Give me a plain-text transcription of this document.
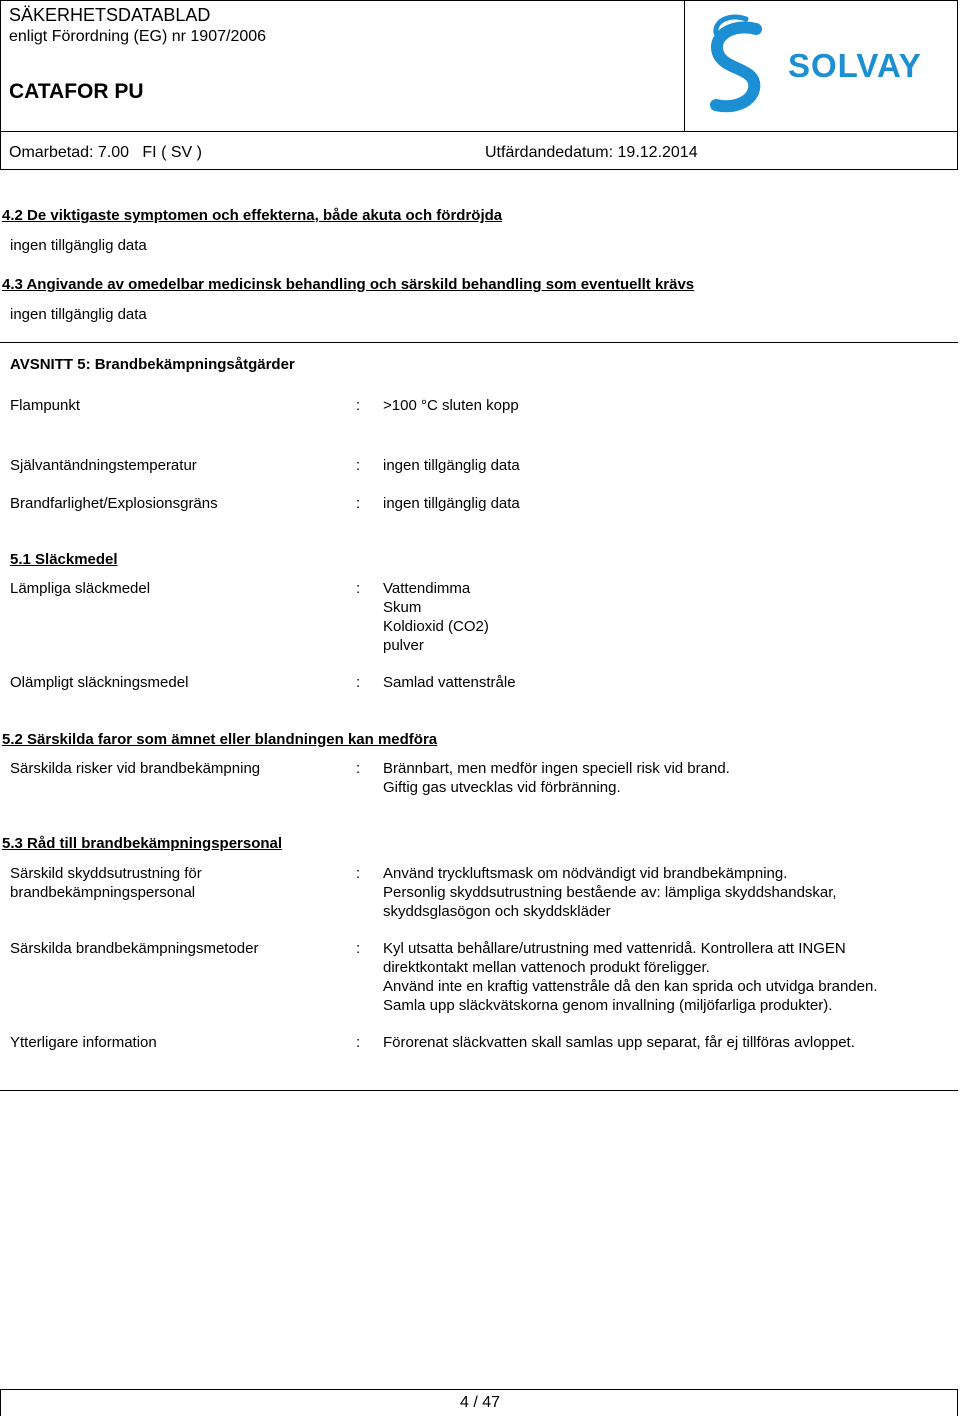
SÄKERHETSDATABLAD
enligt Förordning (EG) nr 1907/2006
CATAFOR PU
SOLVAY
Omarbetad: 7.00   FI ( SV )	Utfärdandedatum: 19.12.2014
4.2 De viktigaste symptomen och effekterna, både akuta och fördröjda
ingen tillgänglig data
4.3 Angivande av omedelbar medicinsk behandling och särskild behandling som eventuellt krävs
ingen tillgänglig data
AVSNITT 5: Brandbekämpningsåtgärder
Flampunkt	: >100 °C sluten kopp
Självantändningstemperatur	: ingen tillgänglig data
Brandfarlighet/Explosionsgräns	: ingen tillgänglig data
5.1 Släckmedel
Lämpliga släckmedel	: Vattendimma
Skum
Koldioxid (CO2)
pulver
Olämpligt släckningsmedel	: Samlad vattenstråle
5.2 Särskilda faror som ämnet eller blandningen kan medföra
Särskilda risker vid brandbekämpning	: Brännbart, men medför ingen speciell risk vid brand.
Giftig gas utvecklas vid förbränning.
5.3 Råd till brandbekämpningspersonal
Särskild skyddsutrustning för
brandbekämpningspersonal
: Använd tryckluftsmask om nödvändigt vid brandbekämpning.
Personlig skyddsutrustning bestående av: lämpliga skyddshandskar,
skyddsglasögon och skyddskläder
Särskilda brandbekämpningsmetoder	: Kyl utsatta behållare/utrustning med vattenridå. Kontrollera att INGEN
direktkontakt mellan vattenoch produkt föreligger.
Använd inte en kraftig vattenstråle då den kan sprida och utvidga branden.
Samla upp släckvätskorna genom invallning (miljöfarliga produkter).
Ytterligare information	: Förorenat släckvatten skall samlas upp separat, får ej tillföras avloppet.
4 / 47
